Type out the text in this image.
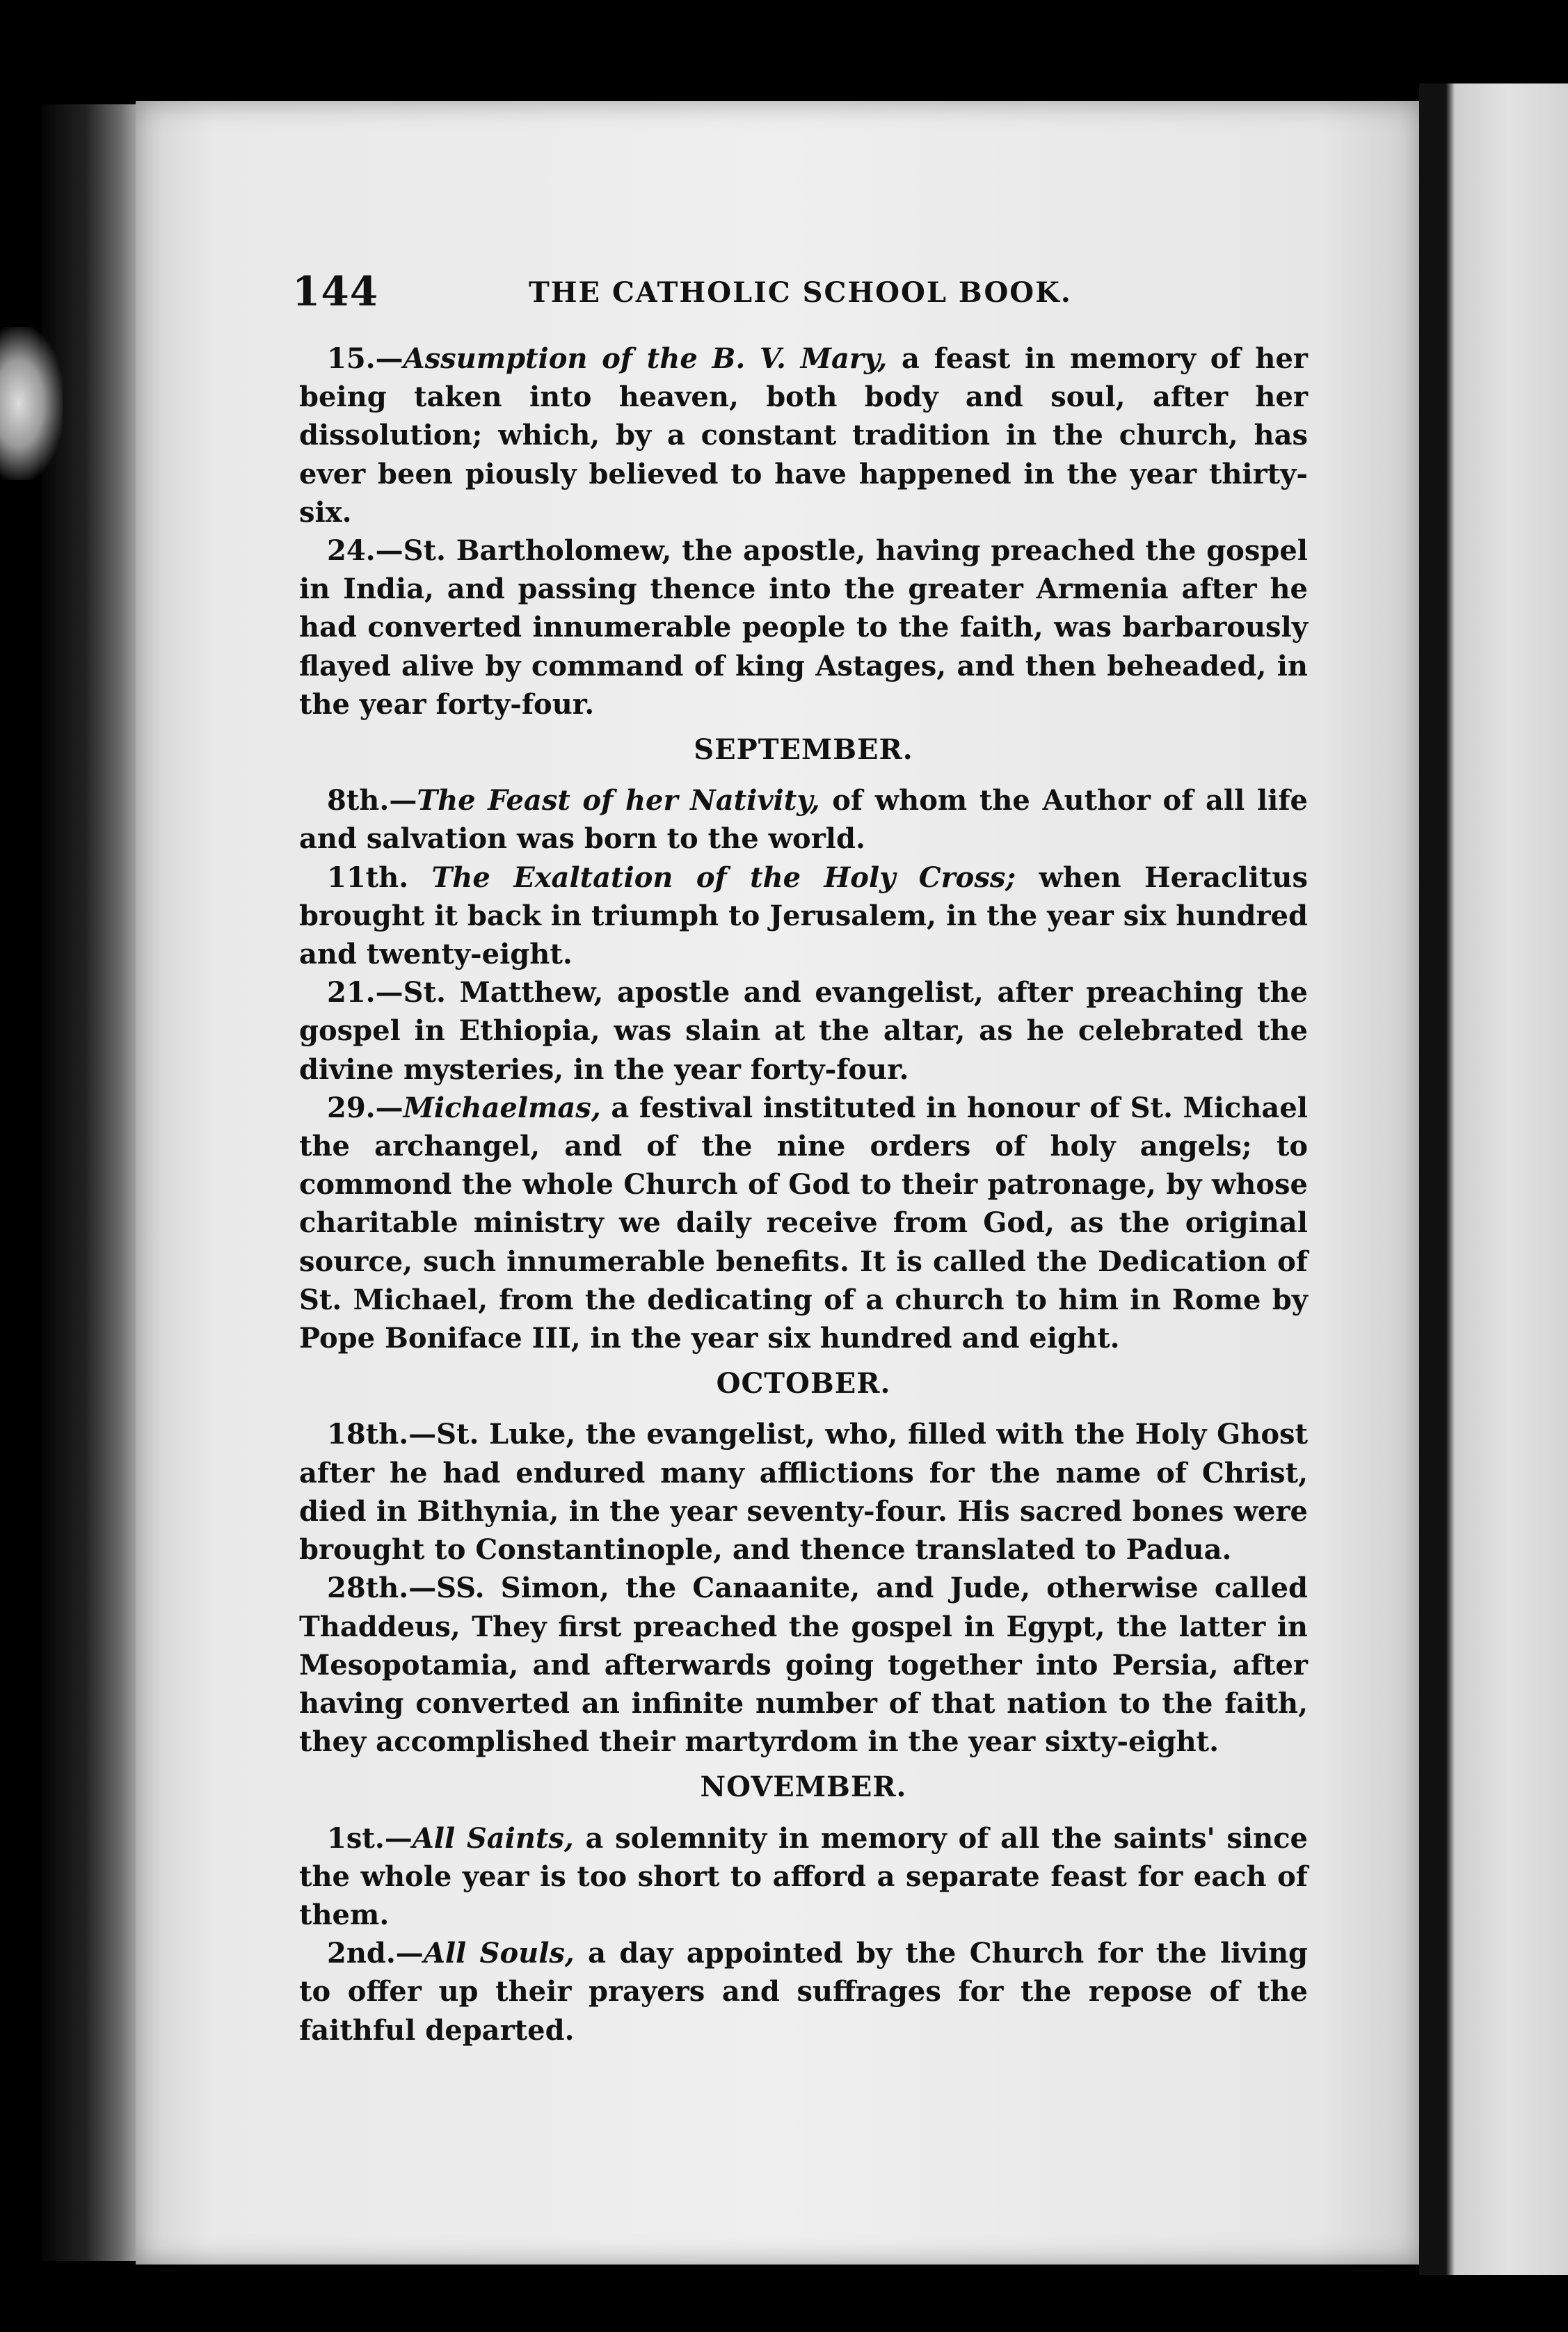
144	THE CATHOLIC SCHOOL BOOK.

15.—Assumption of the B. V. Mary, a feast in memory of her being taken into heaven, both body and soul, after her dissolution; which, by a constant tradition in the church, has ever been piously believed to have happened in the year thirty-six.

24.—St. Bartholomew, the apostle, having preached the gospel in India, and passing thence into the greater Armenia after he had converted innumerable people to the faith, was barbarously flayed alive by command of king Astages, and then beheaded, in the year forty-four.

SEPTEMBER.

8th.—The Feast of her Nativity, of whom the Author of all life and salvation was born to the world.

11th. The Exaltation of the Holy Cross; when Heraclitus brought it back in triumph to Jerusalem, in the year six hundred and twenty-eight.

21.—St. Matthew, apostle and evangelist, after preaching the gospel in Ethiopia, was slain at the altar, as he celebrated the divine mysteries, in the year forty-four.

29.—Michaelmas, a festival instituted in honour of St. Michael the archangel, and of the nine orders of holy angels; to commond the whole Church of God to their patronage, by whose charitable ministry we daily receive from God, as the original source, such innumerable benefits. It is called the Dedication of St. Michael, from the dedicating of a church to him in Rome by Pope Boniface III, in the year six hundred and eight.

OCTOBER.

18th.—St. Luke, the evangelist, who, filled with the Holy Ghost after he had endured many afflictions for the name of Christ, died in Bithynia, in the year seventy-four. His sacred bones were brought to Constantinople, and thence translated to Padua.

28th.—SS. Simon, the Canaanite, and Jude, otherwise called Thaddeus, They first preached the gospel in Egypt, the latter in Mesopotamia, and afterwards going together into Persia, after having converted an infinite number of that nation to the faith, they accomplished their martyrdom in the year sixty-eight.

NOVEMBER.

1st.—All Saints, a solemnity in memory of all the saints' since the whole year is too short to afford a separate feast for each of them.

2nd.—All Souls, a day appointed by the Church for the living to offer up their prayers and suffrages for the repose of the faithful departed.
